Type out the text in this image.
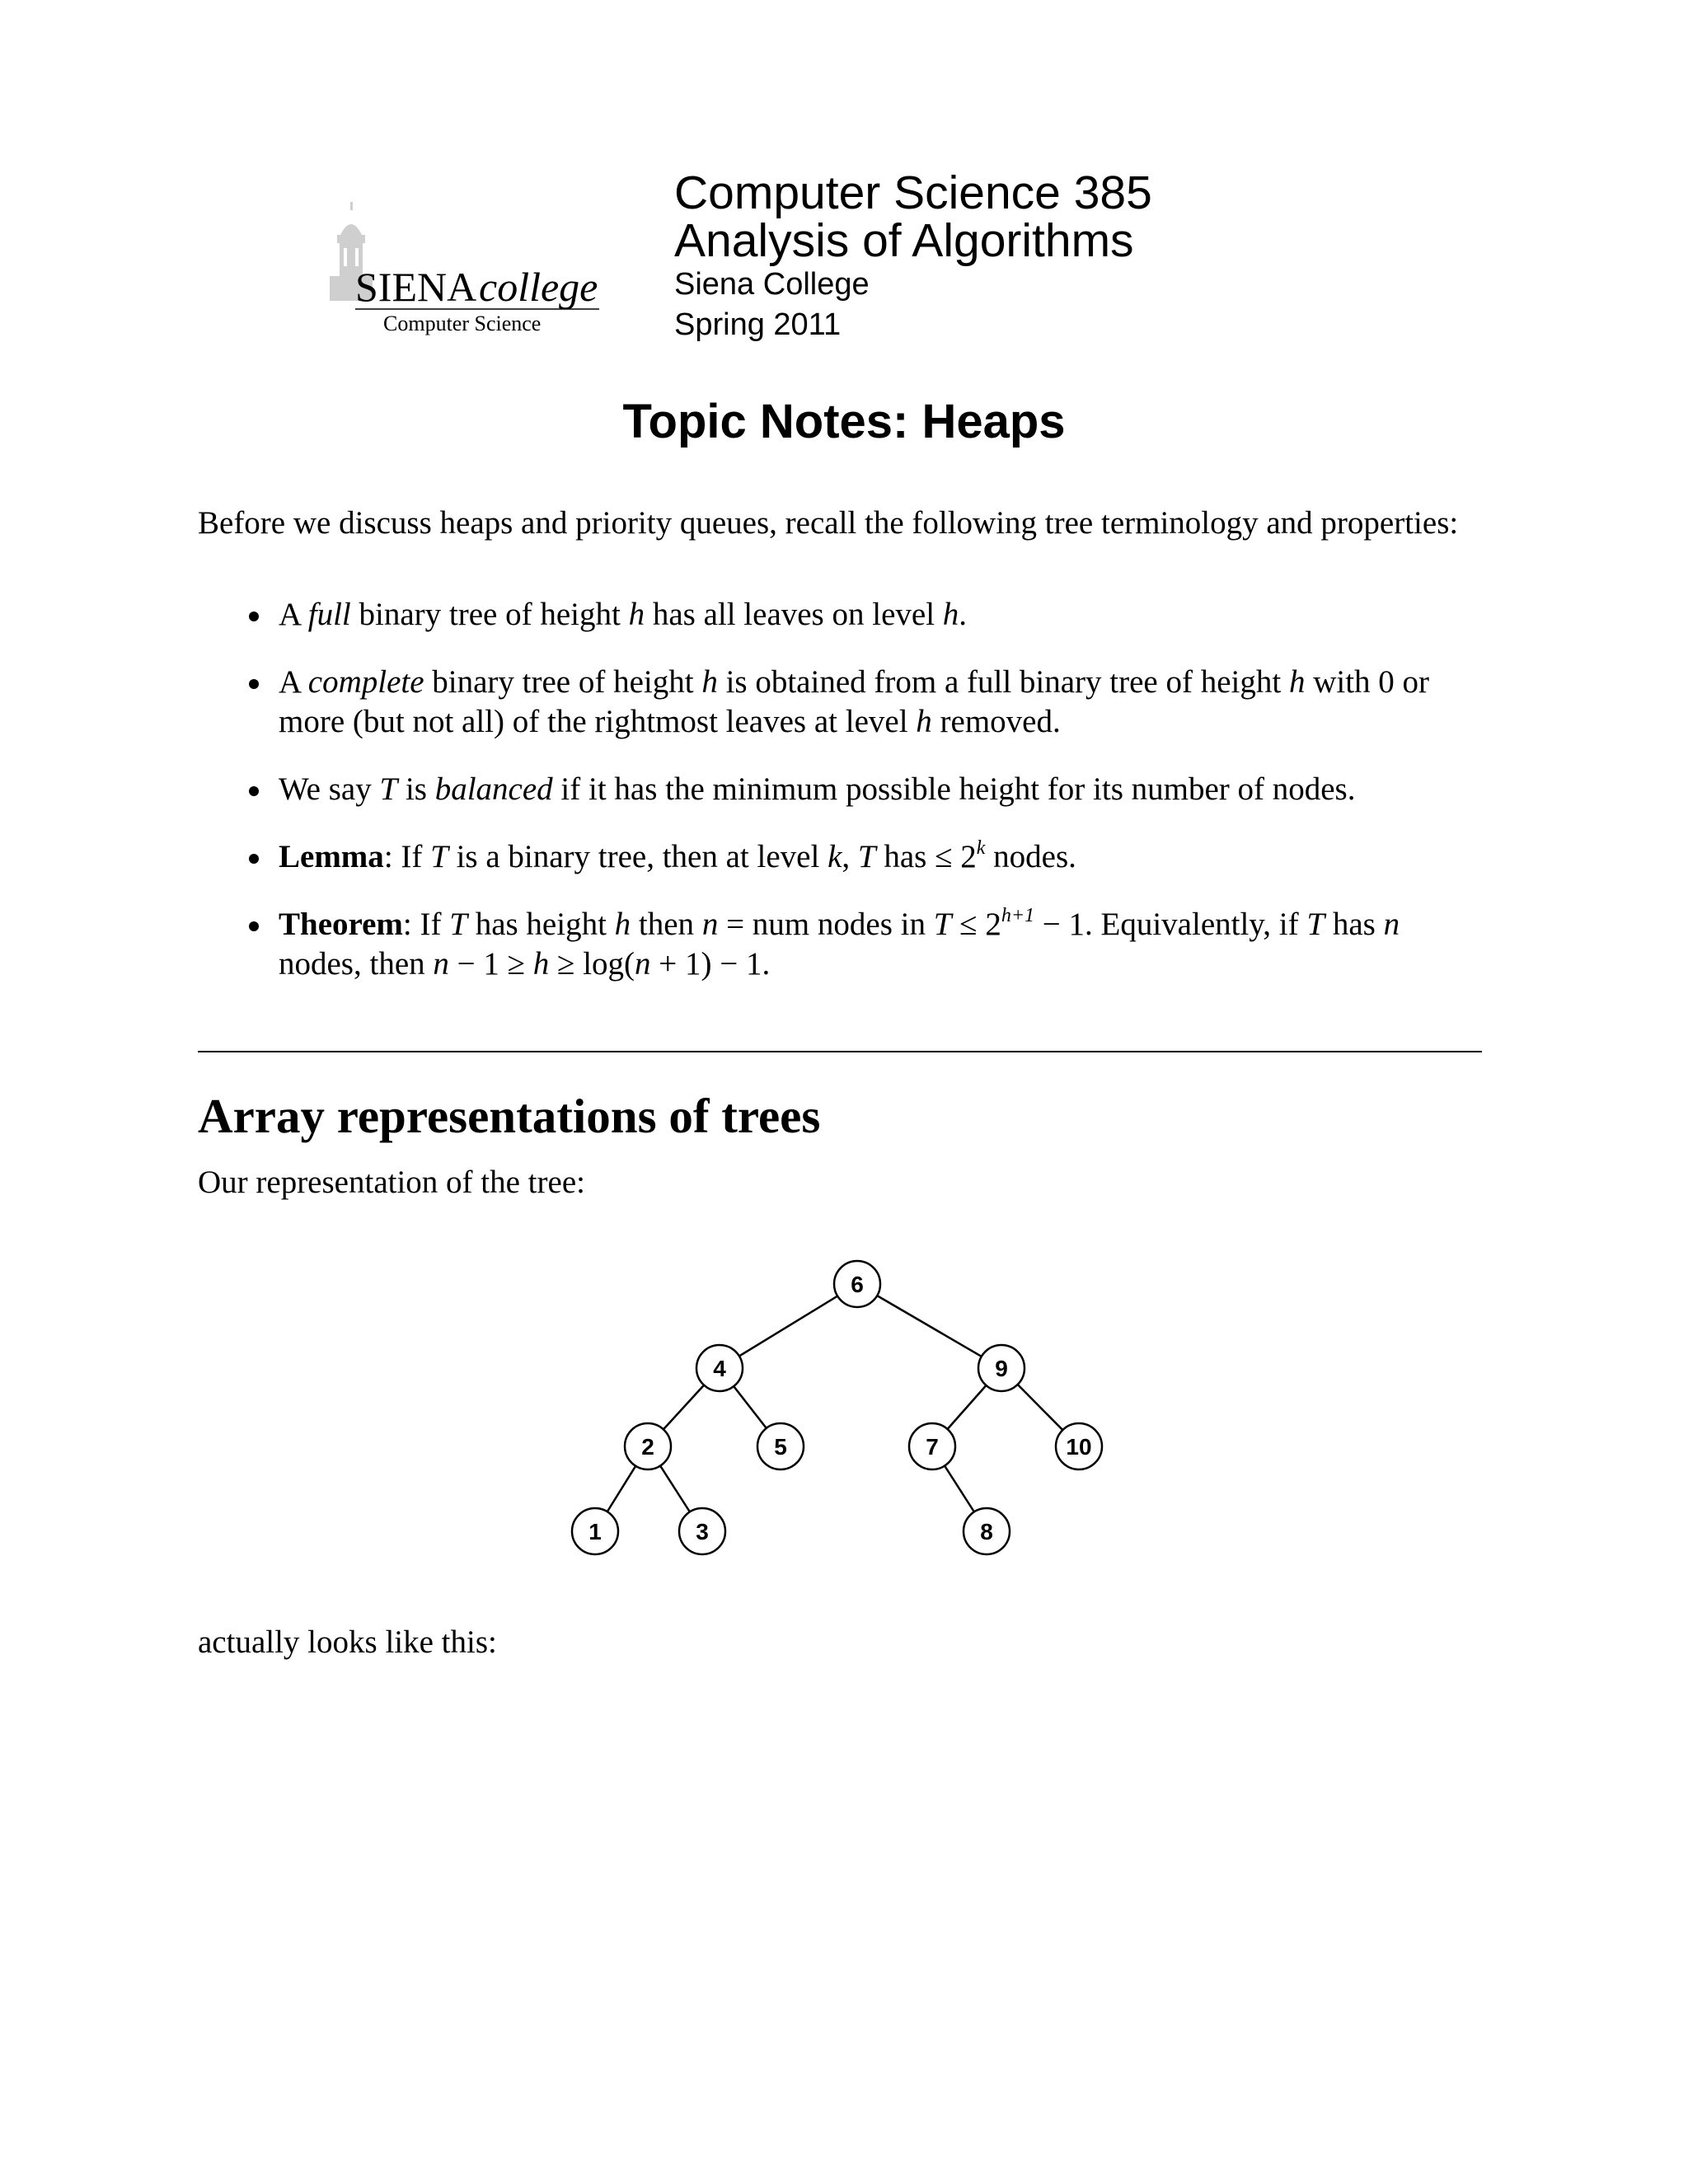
SIENA college
Computer Science
Computer Science 385
Analysis of Algorithms
Siena College
Spring 2011
Topic Notes: Heaps
Before we discuss heaps and priority queues, recall the following tree terminology and properties:
A full binary tree of height h has all leaves on level h.
A complete binary tree of height h is obtained from a full binary tree of height h with 0 or more (but not all) of the rightmost leaves at level h removed.
We say T is balanced if it has the minimum possible height for its number of nodes.
Lemma: If T is a binary tree, then at level k, T has ≤ $2^k$ nodes.
Theorem: If T has height h then n = num nodes in $T \le 2^{h+1} - 1$. Equivalently, if T has n nodes, then n − 1 ≥ h ≥ log(n + 1) − 1.
Array representations of trees
Our representation of the tree:
6
4	9
2	5	7	10
1	3	8
actually looks like this:
